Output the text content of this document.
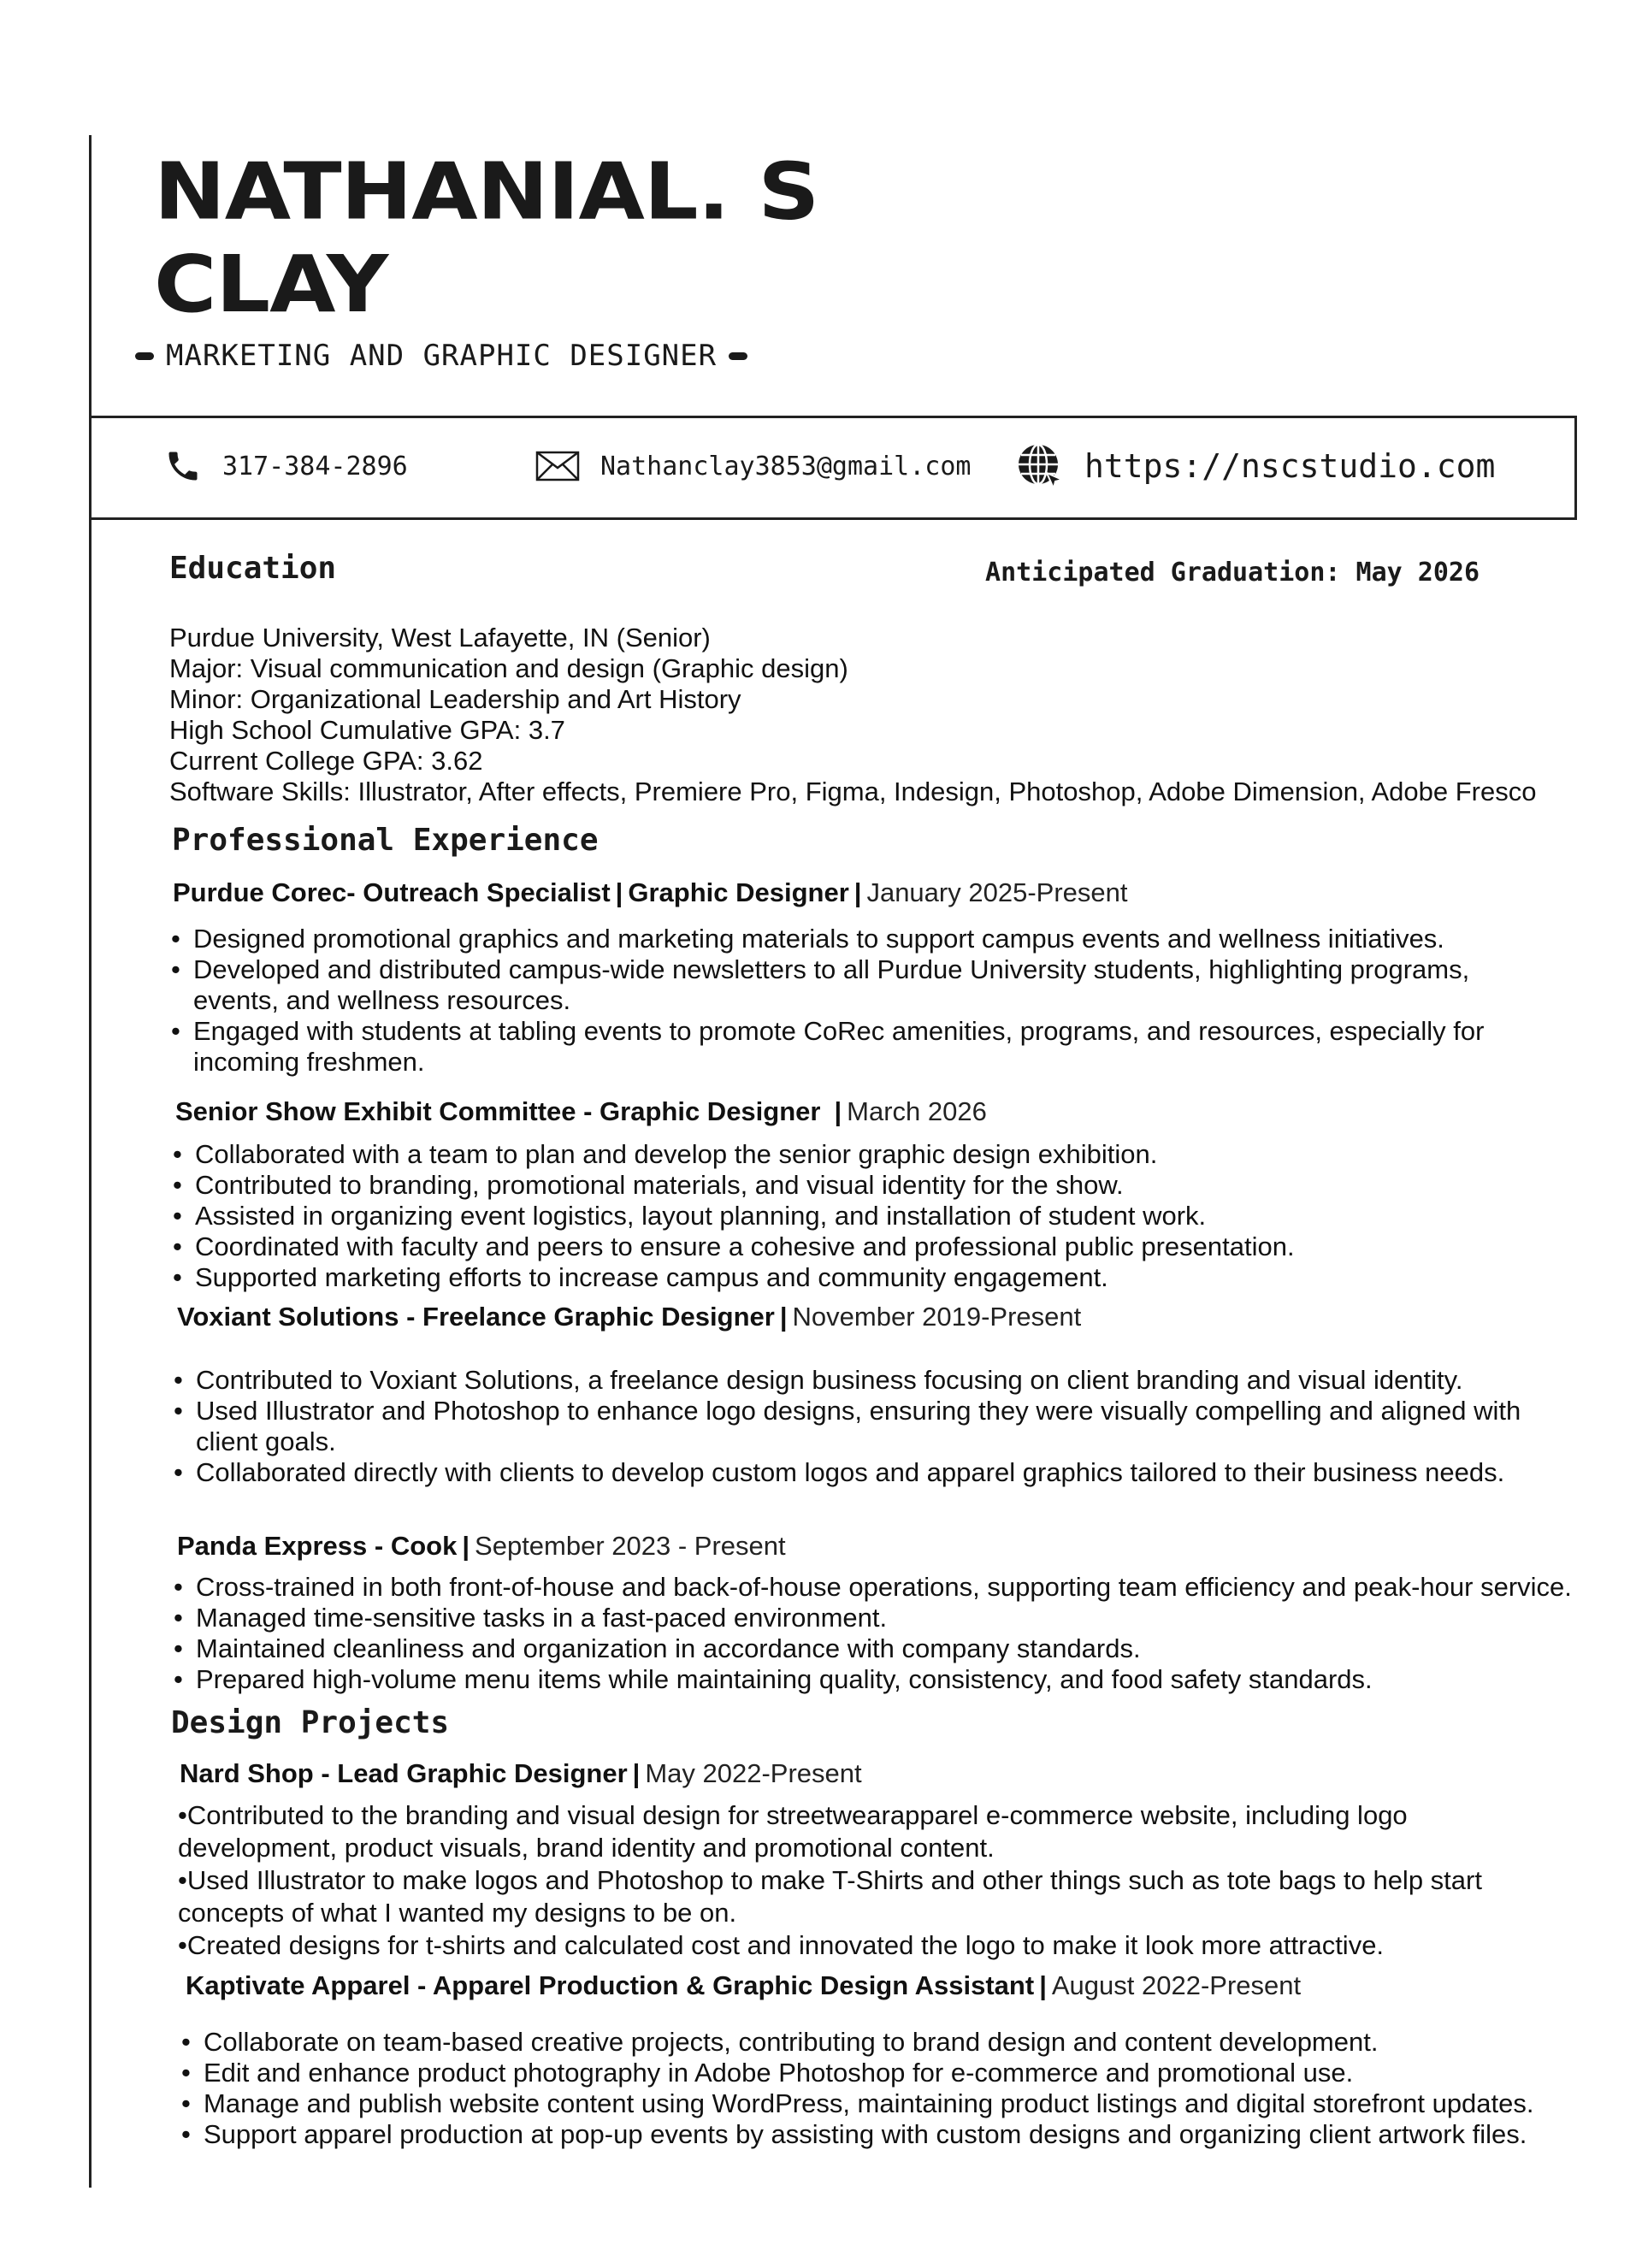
NATHANIAL. S
CLAY
MARKETING AND GRAPHIC DESIGNER
317-384-2896	Nathanclay3853@gmail.com	https://nscstudio.com
Education	Anticipated Graduation: May 2026
Purdue University, West Lafayette, IN (Senior)
Major: Visual communication and design (Graphic design)
Minor: Organizational Leadership and Art History
High School Cumulative GPA: 3.7
Current College GPA: 3.62
Software Skills: Illustrator, After effects, Premiere Pro, Figma, Indesign, Photoshop, Adobe Dimension, Adobe Fresco
Professional Experience
Purdue Corec- Outreach Specialist | Graphic Designer | January 2025-Present
• Designed promotional graphics and marketing materials to support campus events and wellness initiatives.
• Developed and distributed campus-wide newsletters to all Purdue University students, highlighting programs, events, and wellness resources.
• Engaged with students at tabling events to promote CoRec amenities, programs, and resources, especially for incoming freshmen.
Senior Show Exhibit Committee - Graphic Designer | March 2026
• Collaborated with a team to plan and develop the senior graphic design exhibition.
• Contributed to branding, promotional materials, and visual identity for the show.
• Assisted in organizing event logistics, layout planning, and installation of student work.
• Coordinated with faculty and peers to ensure a cohesive and professional public presentation.
• Supported marketing efforts to increase campus and community engagement.
Voxiant Solutions - Freelance Graphic Designer | November 2019-Present
• Contributed to Voxiant Solutions, a freelance design business focusing on client branding and visual identity.
• Used Illustrator and Photoshop to enhance logo designs, ensuring they were visually compelling and aligned with client goals.
• Collaborated directly with clients to develop custom logos and apparel graphics tailored to their business needs.
Panda Express - Cook | September 2023 - Present
• Cross-trained in both front-of-house and back-of-house operations, supporting team efficiency and peak-hour service.
• Managed time-sensitive tasks in a fast-paced environment.
• Maintained cleanliness and organization in accordance with company standards.
• Prepared high-volume menu items while maintaining quality, consistency, and food safety standards.
Design Projects
Nard Shop - Lead Graphic Designer | May 2022-Present
•Contributed to the branding and visual design for streetwearapparel e-commerce website, including logo development, product visuals, brand identity and promotional content.
•Used Illustrator to make logos and Photoshop to make T-Shirts and other things such as tote bags to help start concepts of what I wanted my designs to be on.
•Created designs for t-shirts and calculated cost and innovated the logo to make it look more attractive.
Kaptivate Apparel - Apparel Production & Graphic Design Assistant | August 2022-Present
• Collaborate on team-based creative projects, contributing to brand design and content development.
• Edit and enhance product photography in Adobe Photoshop for e-commerce and promotional use.
• Manage and publish website content using WordPress, maintaining product listings and digital storefront updates.
• Support apparel production at pop-up events by assisting with custom designs and organizing client artwork files.
